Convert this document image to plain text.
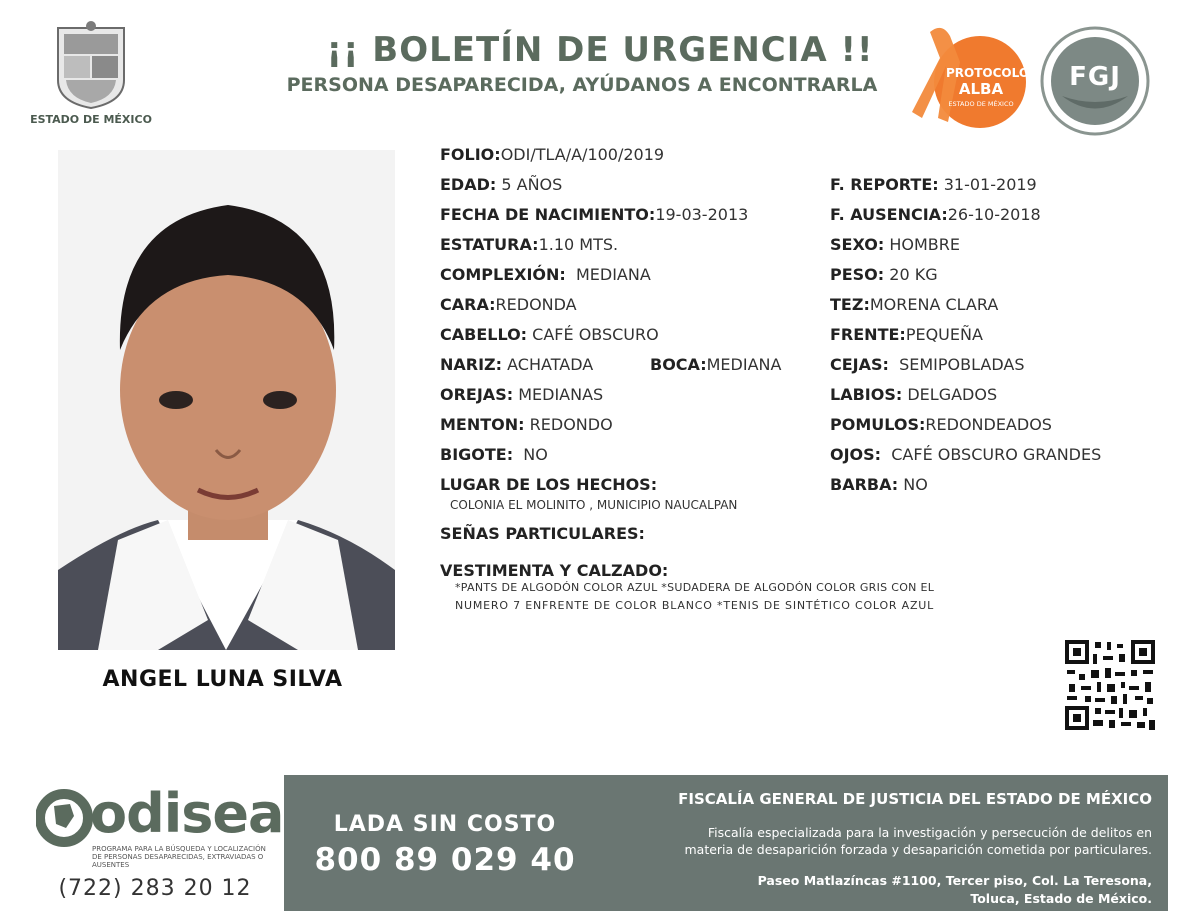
ESTADO DE MÉXICO
¡¡ BOLETÍN DE URGENCIA !!
PERSONA DESAPARECIDA, AYÚDANOS A ENCONTRARLA
PROTOCOLO
ALBA
ESTADO DE MÉXICO
FGJ
ANGEL LUNA SILVA
FOLIO:ODI/TLA/A/100/2019
EDAD: 5 AÑOS
FECHA DE NACIMIENTO:19-03-2013
ESTATURA:1.10 MTS.
COMPLEXIÓN: MEDIANA
CARA:REDONDA
CABELLO: CAFÉ OBSCURO
NARIZ: ACHATADA	BOCA:MEDIANA
OREJAS: MEDIANAS
MENTON: REDONDO
BIGOTE: NO
LUGAR DE LOS HECHOS:
COLONIA EL MOLINITO , MUNICIPIO NAUCALPAN
SEÑAS PARTICULARES:
VESTIMENTA Y CALZADO:
*PANTS DE ALGODÓN COLOR AZUL *SUDADERA DE ALGODÓN COLOR GRIS CON EL
NUMERO 7 ENFRENTE DE COLOR BLANCO *TENIS DE SINTÉTICO COLOR AZUL
F. REPORTE: 31-01-2019
F. AUSENCIA:26-10-2018
SEXO: HOMBRE
PESO: 20 KG
TEZ:MORENA CLARA
FRENTE:PEQUEÑA
CEJAS: SEMIPOBLADAS
LABIOS: DELGADOS
POMULOS:REDONDEADOS
OJOS: CAFÉ OBSCURO GRANDES
BARBA: NO
odisea
PROGRAMA PARA LA BÚSQUEDA Y LOCALIZACIÓN DE PERSONAS DESAPARECIDAS, EXTRAVIADAS O AUSENTES
(722) 283 20 12
LADA SIN COSTO
800 89 029 40
FISCALÍA GENERAL DE JUSTICIA DEL ESTADO DE MÉXICO
Fiscalía especializada para la investigación y persecución de delitos en
materia de desaparición forzada y desaparición cometida por particulares.
Paseo Matlazíncas #1100, Tercer piso, Col. La Teresona,
Toluca, Estado de México.
